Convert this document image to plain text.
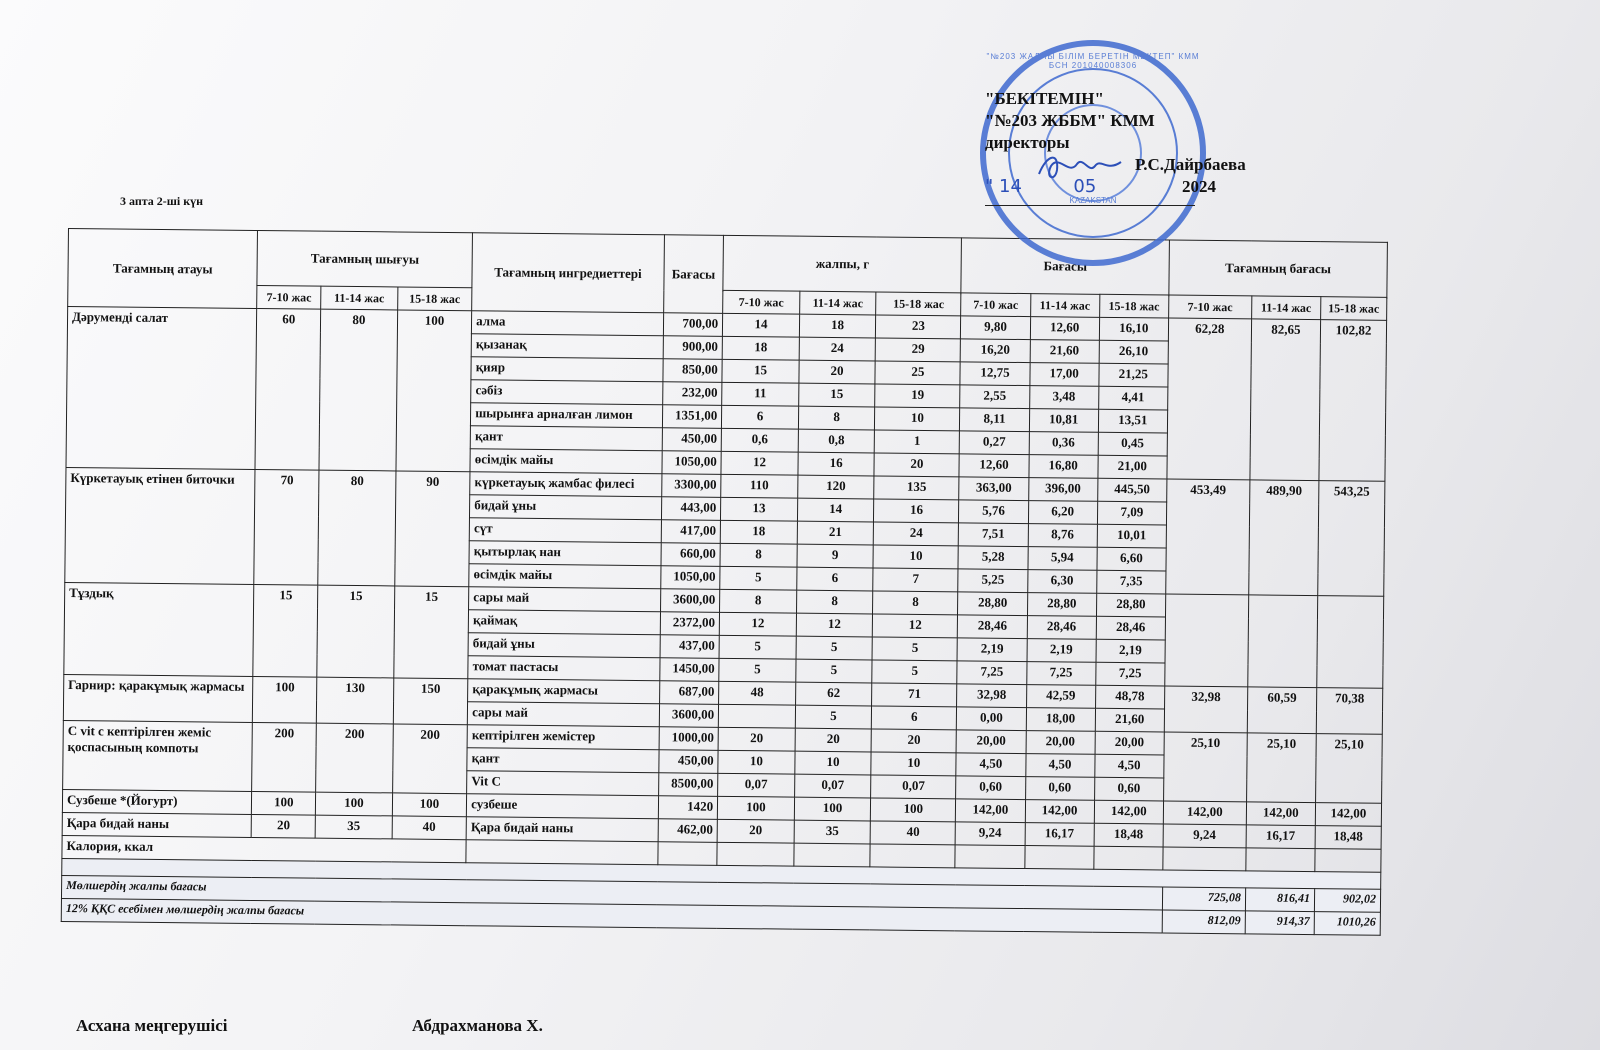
"№203 ЖАЛПЫ БІЛІМ БЕРЕТІН МЕКТЕП" КММ БСН 201040008306
KAZAKSTAN
"БЕКІТЕМІН"
"№203 ЖББМ" КММ
директоры
Р.С.Дайрбаева
2024
" 14	05
3 апта 2-ші күн
Тағамның атауы	Тағамның шығуы			Тағамның ингредиеттері	Бағасы	жалпы, г			Бағасы			Тағамның бағасы		
	7-10 жас	11-14 жас	15-18 жас											
						7-10 жас	11-14 жас	15-18 жас	7-10 жас	11-14 жас	15-18 жас	7-10 жас	11-14 жас	15-18 жас
Дәрумендi салат	60	80	100	алма	700,00	14	18	23	9,80	12,60	16,10	62,28	82,65	102,82
				қызанақ	900,00	18	24	29	16,20	21,60	26,10			
				қияр	850,00	15	20	25	12,75	17,00	21,25			
				сәбіз	232,00	11	15	19	2,55	3,48	4,41			
				шырынға арналған лимон	1351,00	6	8	10	8,11	10,81	13,51			
				қант	450,00	0,6	0,8	1	0,27	0,36	0,45			
				өсімдік майы	1050,00	12	16	20	12,60	16,80	21,00			
Күркетауық етінен биточки	70	80	90	күркетауық жамбас филесі	3300,00	110	120	135	363,00	396,00	445,50	453,49	489,90	543,25
				бидай ұны	443,00	13	14	16	5,76	6,20	7,09			
				сүт	417,00	18	21	24	7,51	8,76	10,01			
				қытырлақ нан	660,00	8	9	10	5,28	5,94	6,60			
				өсімдік майы	1050,00	5	6	7	5,25	6,30	7,35			
Тұздық	15	15	15	сары май	3600,00	8	8	8	28,80	28,80	28,80			
				қаймақ	2372,00	12	12	12	28,46	28,46	28,46			
				бидай ұны	437,00	5	5	5	2,19	2,19	2,19			
				томат пастасы	1450,00	5	5	5	7,25	7,25	7,25			
Гарнир: қаракұмық жармасы	100	130	150	қаракұмық жармасы	687,00	48	62	71	32,98	42,59	48,78	32,98	60,59	70,38
				сары май	3600,00		5	6	0,00	18,00	21,60			
С vit с кептірілген жеміс қоспасының компоты	200	200	200	кептірілген жемістер	1000,00	20	20	20	20,00	20,00	20,00	25,10	25,10	25,10
				қант	450,00	10	10	10	4,50	4,50	4,50			
				Vit C	8500,00	0,07	0,07	0,07	0,60	0,60	0,60			
Сузбеше *(Йогурт)	100	100	100	сузбеше	1420	100	100	100	142,00	142,00	142,00	142,00	142,00	142,00
Қара бидай наны	20	35	40	Қара бидай наны	462,00	20	35	40	9,24	16,17	18,48	9,24	16,17	18,48
Калория, ккал														

Мөлшердің жалпы бағасы												725,08	816,41	902,02
12% ҚҚС есебімен мөлшердің жалпы бағасы												812,09	914,37	1010,26
Асхана меңгерушісі	Абдрахманова Х.
